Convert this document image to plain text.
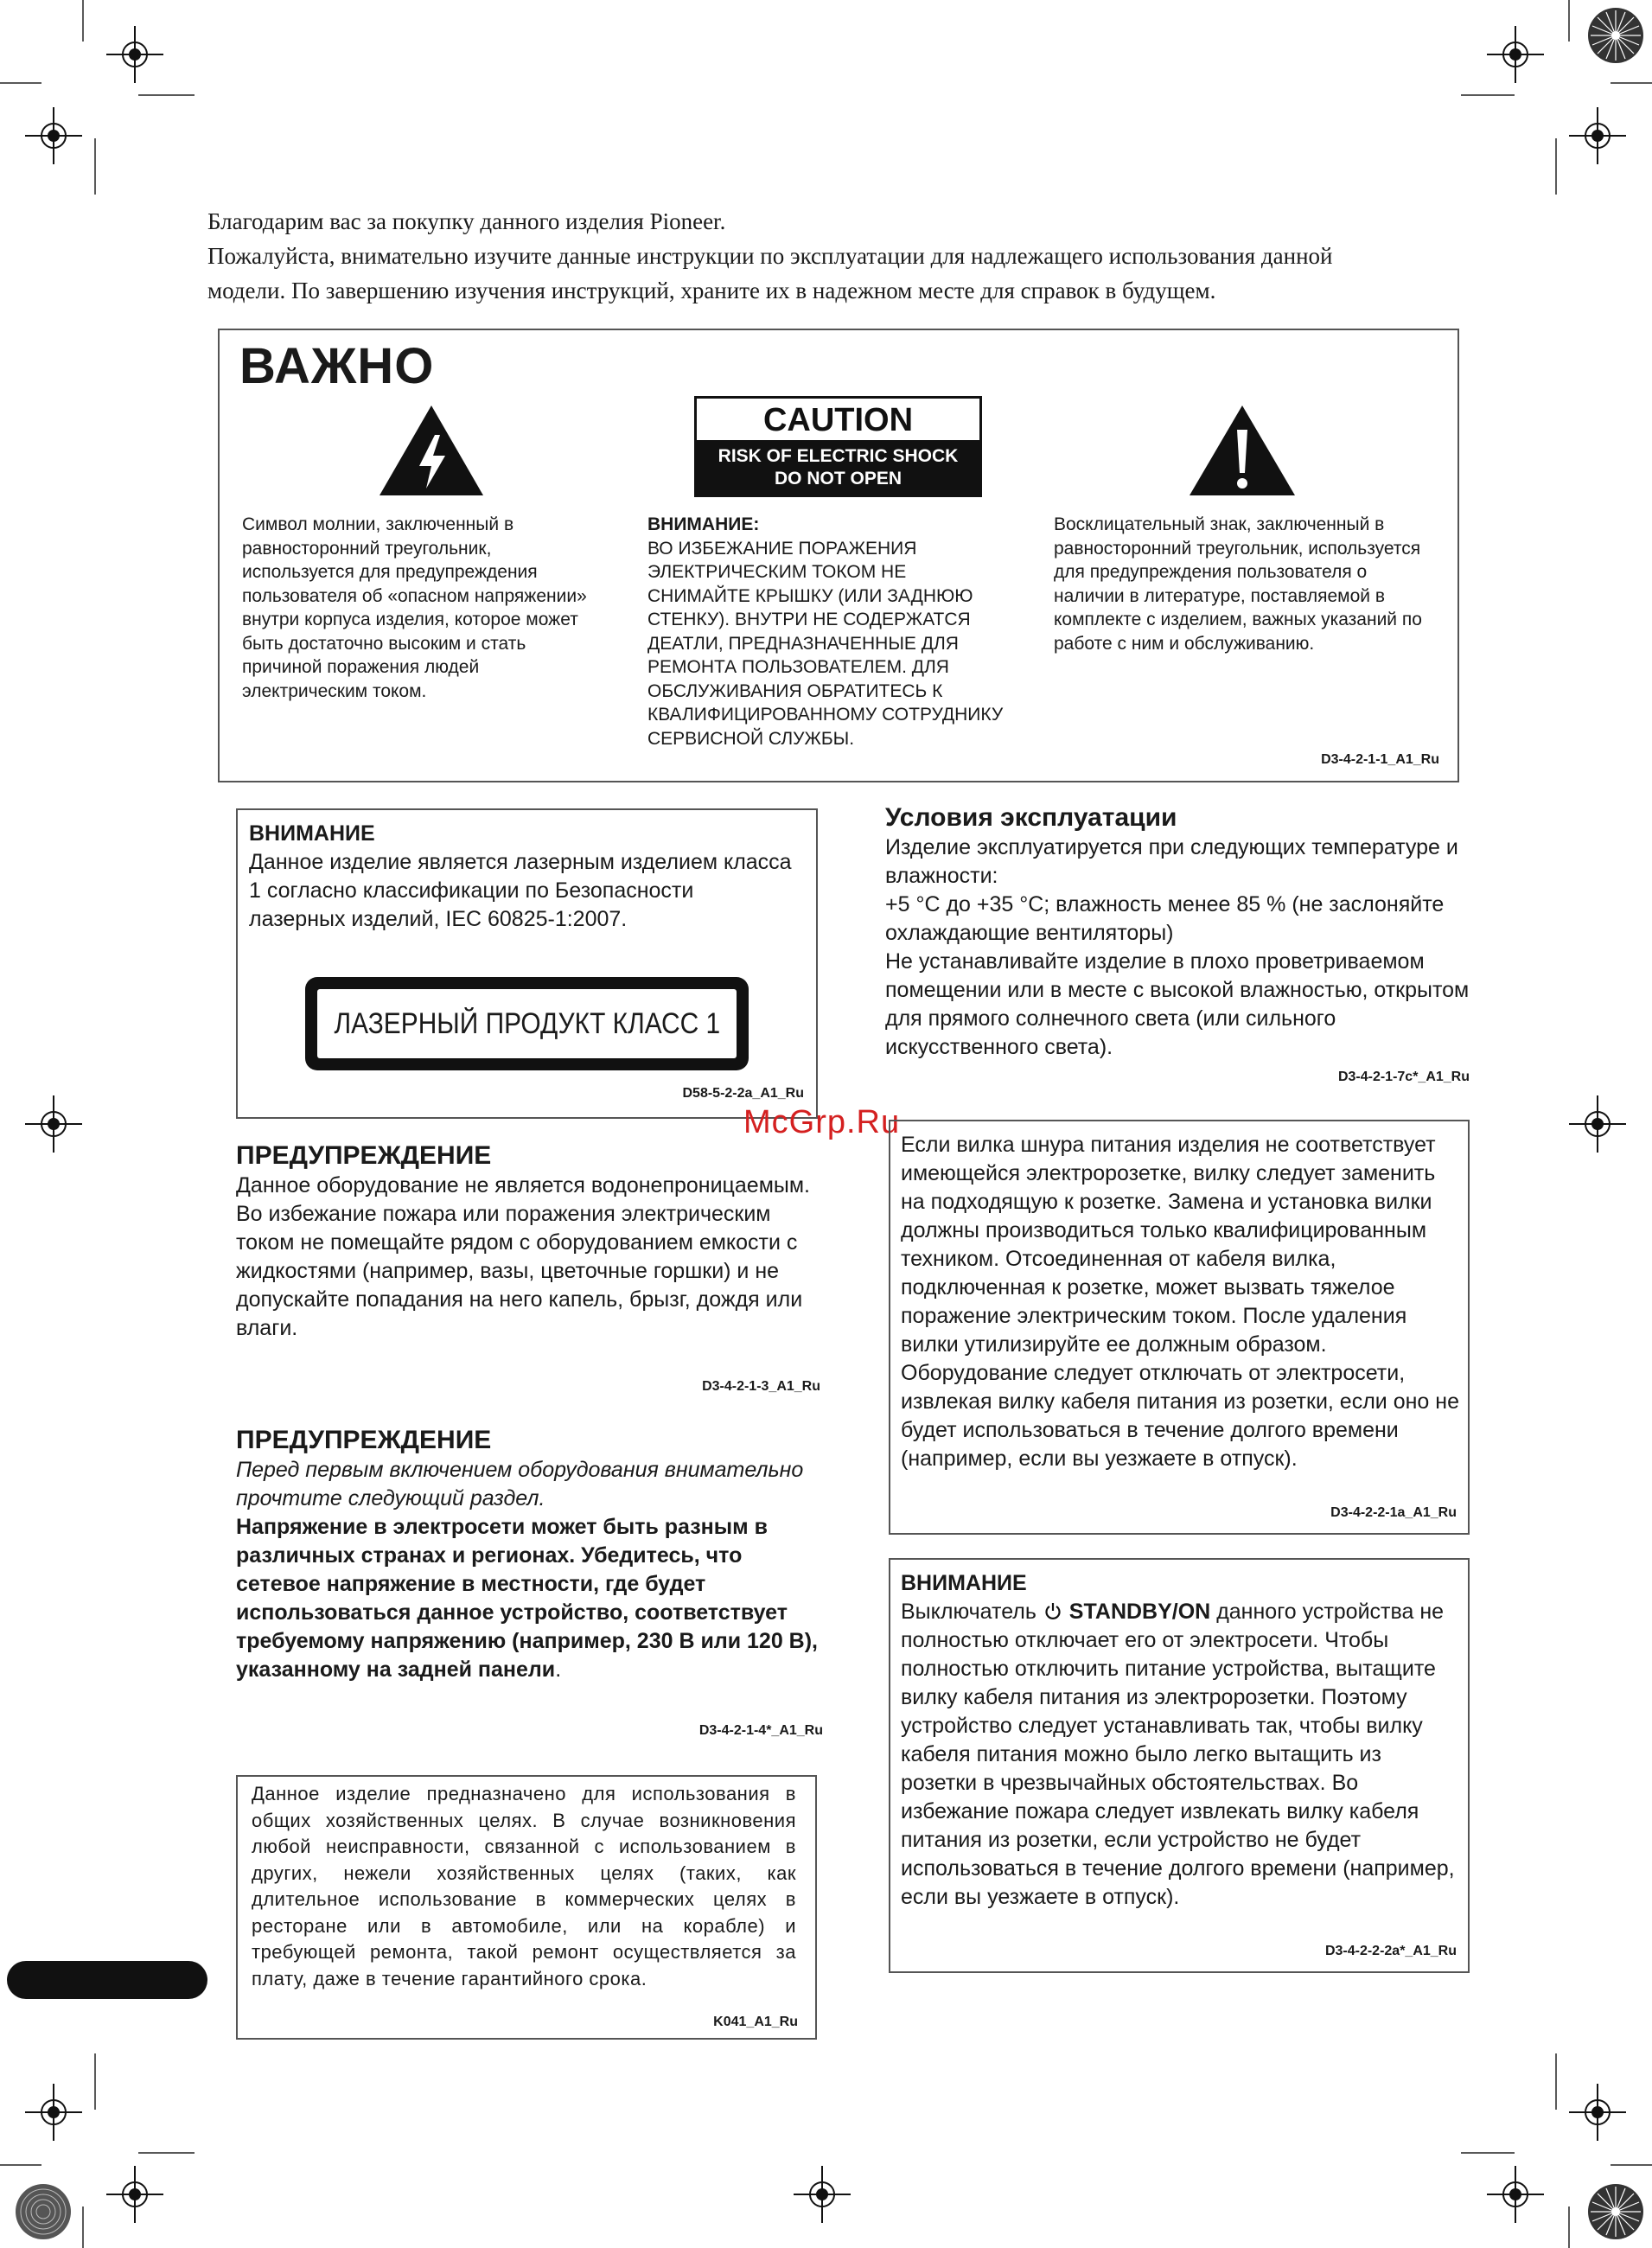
Благодарим вас за покупку данного изделия Pioneer.
Пожалуйста, внимательно изучите данные инструкции по эксплуатации для надлежащего использования данной
модели. По завершению изучения инструкций, храните их в надежном месте для справок в будущем.
ВАЖНО
CAUTION
RISK OF ELECTRIC SHOCK
DO NOT OPEN
Символ молнии, заключенный в равносторонний треугольник, используется для предупреждения пользователя об «опасном напряжении» внутри корпуса изделия, которое может быть достаточно высоким и стать причиной поражения людей электрическим током.
ВНИМАНИЕ:
ВО ИЗБЕЖАНИЕ ПОРАЖЕНИЯ ЭЛЕКТРИЧЕСКИМ ТОКОМ НЕ СНИМАЙТЕ КРЫШКУ (ИЛИ ЗАДНЮЮ СТЕНКУ). ВНУТРИ НЕ СОДЕРЖАТСЯ ДЕАТЛИ, ПРЕДНАЗНАЧЕННЫЕ ДЛЯ РЕМОНТА ПОЛЬЗОВАТЕЛЕМ. ДЛЯ ОБСЛУЖИВАНИЯ ОБРАТИТЕСЬ К КВАЛИФИЦИРОВАННОМУ СОТРУДНИКУ СЕРВИСНОЙ СЛУЖБЫ.
Восклицательный знак, заключенный в равносторонний треугольник, используется для предупреждения пользователя о наличии в литературе, поставляемой в комплекте с изделием, важных указаний по работе с ним и обслуживанию.
D3-4-2-1-1_A1_Ru
ВНИМАНИЕ
Данное изделие является лазерным изделием класса 1 согласно классификации по Безопасности лазерных изделий, IEC 60825-1:2007.
ЛАЗЕРНЫЙ ПРОДУКТ КЛАСС 1
D58-5-2-2a_A1_Ru
Условия эксплуатации
Изделие эксплуатируется при следующих температуре и влажности:
+5 °C до +35 °C; влажность менее 85 % (не заслоняйте охлаждающие вентиляторы)
Не устанавливайте изделие в плохо проветриваемом помещении или в месте с высокой влажностью, открытом для прямого солнечного света (или сильного искусственного света).
D3-4-2-1-7c*_A1_Ru
McGrp.Ru
ПРЕДУПРЕЖДЕНИЕ
Данное оборудование не является водонепроницаемым. Во избежание пожара или поражения электрическим током не помещайте рядом с оборудованием емкости с жидкостями (например, вазы, цветочные горшки) и не допускайте попадания на него капель, брызг, дождя или влаги.
D3-4-2-1-3_A1_Ru
Если вилка шнура питания изделия не соответствует имеющейся электророзетке, вилку следует заменить на подходящую к розетке. Замена и установка вилки должны производиться только квалифицированным техником. Отсоединенная от кабеля вилка, подключенная к розетке, может вызвать тяжелое поражение электрическим током. После удаления вилки утилизируйте ее должным образом.
Оборудование следует отключать от электросети, извлекая вилку кабеля питания из розетки, если оно не будет использоваться в течение долгого времени (например, если вы уезжаете в отпуск).
D3-4-2-2-1a_A1_Ru
ПРЕДУПРЕЖДЕНИЕ
Перед первым включением оборудования внимательно прочтите следующий раздел.
Напряжение в электросети может быть разным в различных странах и регионах. Убедитесь, что сетевое напряжение в местности, где будет использоваться данное устройство, соответствует требуемому напряжению (например, 230 В или 120 В), указанному на задней панели.
D3-4-2-1-4*_A1_Ru
ВНИМАНИЕ
Выключатель STANDBY/ON данного устройства не полностью отключает его от электросети. Чтобы полностью отключить питание устройства, вытащите вилку кабеля питания из электророзетки. Поэтому устройство следует устанавливать так, чтобы вилку кабеля питания можно было легко вытащить из розетки в чрезвычайных обстоятельствах. Во избежание пожара следует извлекать вилку кабеля питания из розетки, если устройство не будет использоваться в течение долгого времени (например, если вы уезжаете в отпуск).
D3-4-2-2-2a*_A1_Ru
Данное изделие предназначено для использования в общих хозяйственных целях. В случае возникновения любой неисправности, связанной с использованием в других, нежели хозяйственных целях (таких, как длительное использование в коммерческих целях в ресторане или в автомобиле, или на корабле) и требующей ремонта, такой ремонт осуществляется за плату, даже в течение гарантийного срока.
K041_A1_Ru
